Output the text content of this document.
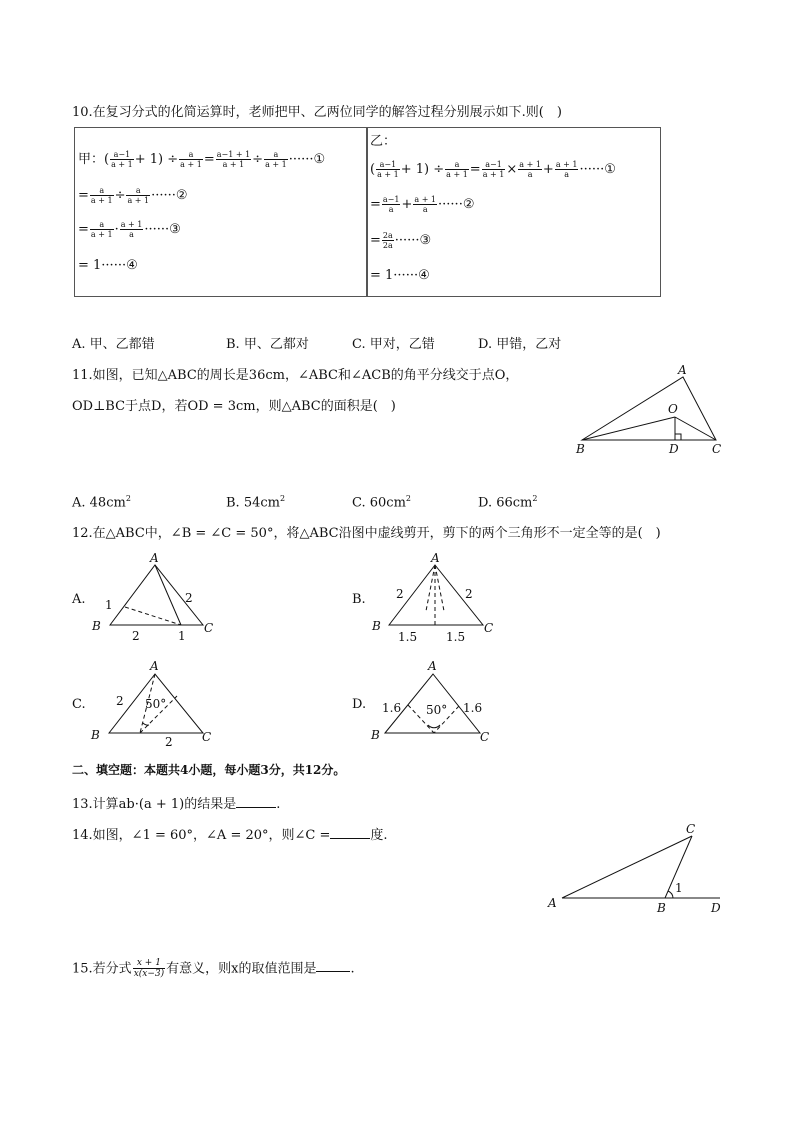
10.在复习分式的化简运算时，老师把甲、乙两位同学的解答过程分别展示如下.则(　)
甲：( $\frac{a-1}{a + 1} + 1) \div \frac{a}{a + 1} = \frac{a-1 + 1}{a + 1} \div \frac{a}{a + 1}$ ······①
= $\frac{a}{a + 1} \div \frac{a}{a + 1}$ ······②
= $\frac{a}{a + 1} \cdot \frac{a + 1}{a}$ ······③
= 1······④
乙：
( $\frac{a-1}{a + 1} + 1) \div \frac{a}{a + 1} = \frac{a-1}{a + 1} \times \frac{a + 1}{a} + \frac{a + 1}{a}$ ······①
= $\frac{a-1}{a} + \frac{a + 1}{a}$ ······②
= $\frac{2a}{2a}$ ······③
= 1······④
A. 甲、乙都错	B. 甲、乙都对	C. 甲对，乙错	D. 甲错，乙对
11.如图，已知△ABC的周长是36cm，∠ABC和∠ACB的角平分线交于点O，
OD⊥BC于点D，若OD = 3cm，则△ABC的面积是(　)
A
B	C
O
D
A. $48cm^2$	B. $54cm^2$	C. $60cm^2$	D. $66cm^2$
12.在△ABC中，∠B = ∠C = 50°，将△ABC沿图中虚线剪开，剪下的两个三角形不一定全等的是(　)
A.
A
B	C
1	2
2	1
B.
A
B	C
2	2
1.5 1.5
C.
A
B	C
2 50°
2
D.
A
B	C
1.6 50° 1.6
二、填空题：本题共4小题，每小题3分，共12分。
13.计算ab·(a + 1)的结果是	.
14.如图，∠1 = 60°，∠A = 20°，则∠C =	度.
A	B
C
D
1
15.若分式 $\frac{x + 1}{x(x-3)}$ 有意义，则x的取值范围是	.
